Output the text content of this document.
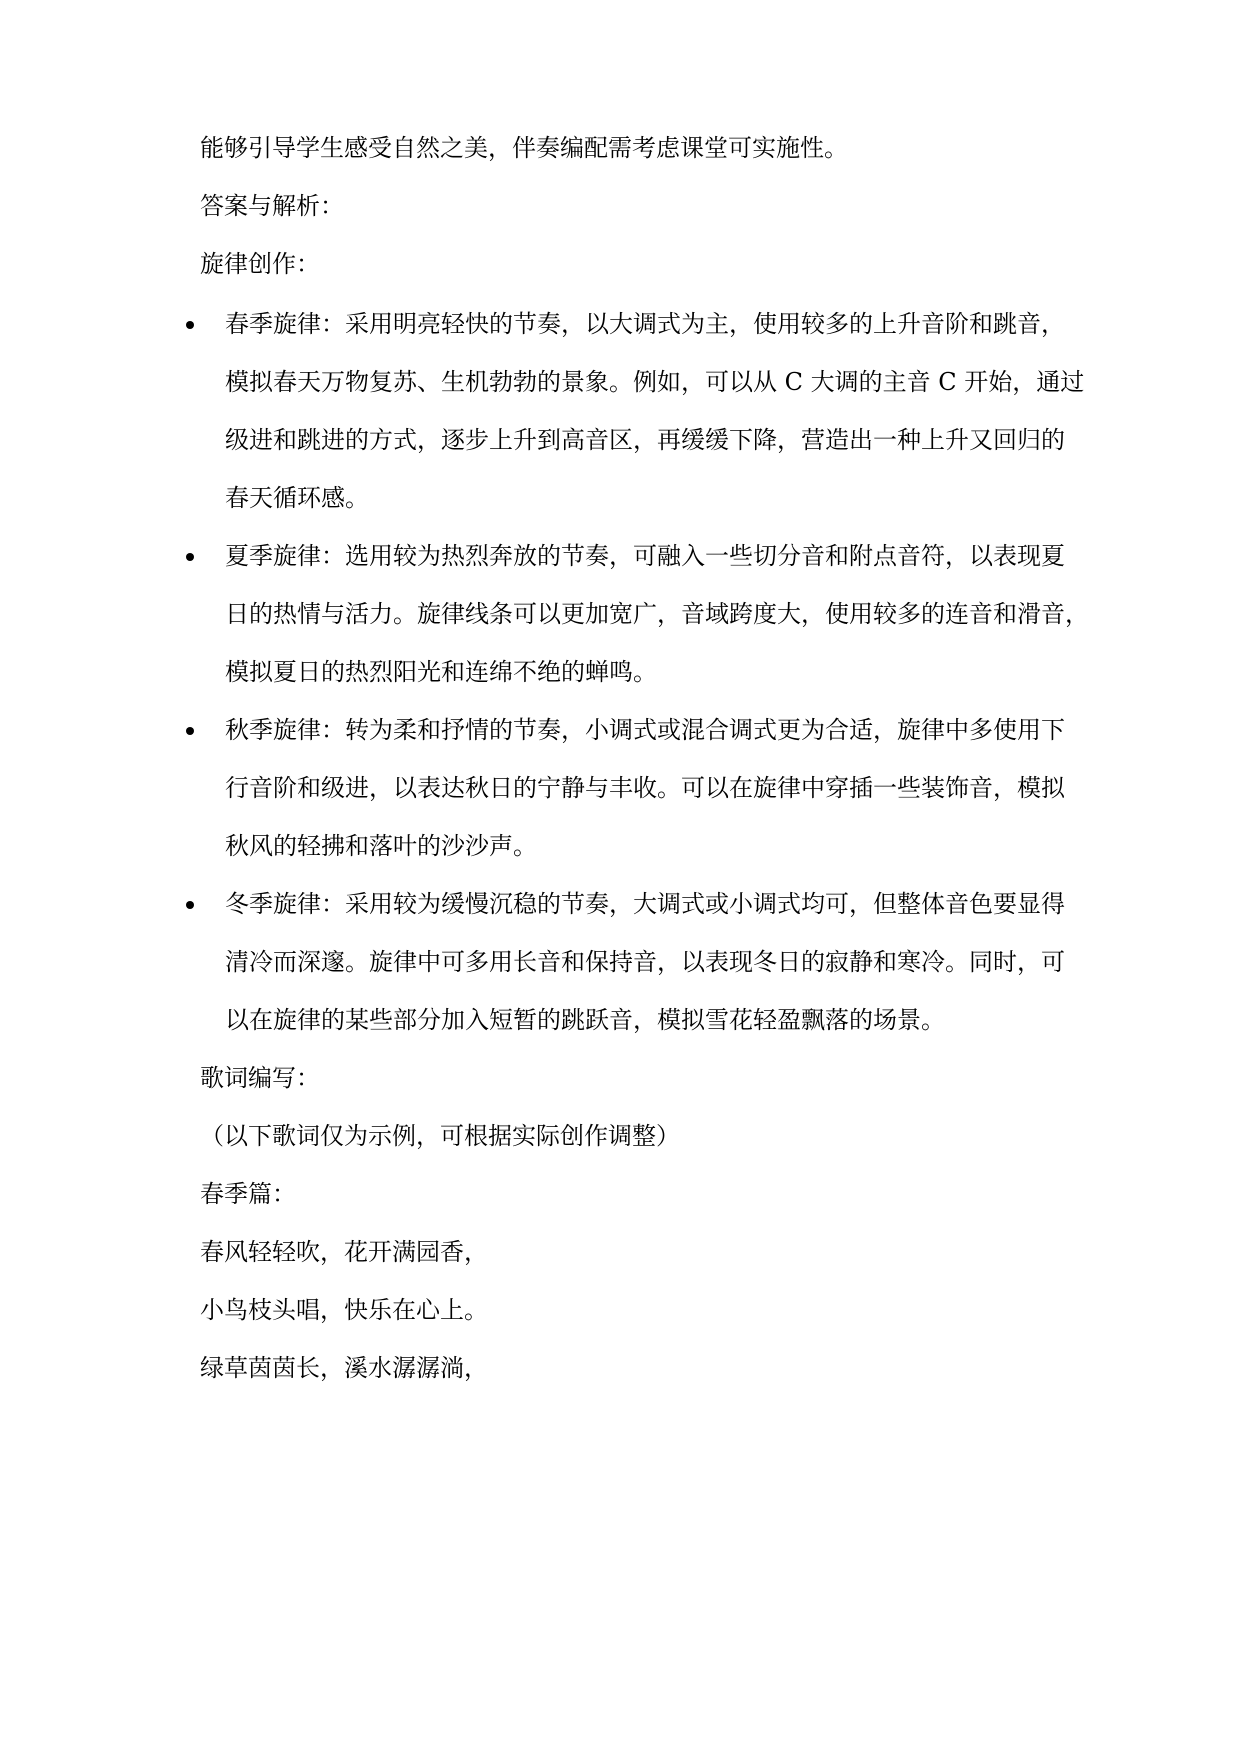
能够引导学生感受自然之美，伴奏编配需考虑课堂可实施性。
答案与解析：
旋律创作：
春季旋律：采用明亮轻快的节奏，以大调式为主，使用较多的上升音阶和跳音，
模拟春天万物复苏、生机勃勃的景象。例如，可以从 C 大调的主音 C 开始，通过
级进和跳进的方式，逐步上升到高音区，再缓缓下降，营造出一种上升又回归的
春天循环感。
夏季旋律：选用较为热烈奔放的节奏，可融入一些切分音和附点音符，以表现夏
日的热情与活力。旋律线条可以更加宽广，音域跨度大，使用较多的连音和滑音，
模拟夏日的热烈阳光和连绵不绝的蝉鸣。
秋季旋律：转为柔和抒情的节奏，小调式或混合调式更为合适，旋律中多使用下
行音阶和级进，以表达秋日的宁静与丰收。可以在旋律中穿插一些装饰音，模拟
秋风的轻拂和落叶的沙沙声。
冬季旋律：采用较为缓慢沉稳的节奏，大调式或小调式均可，但整体音色要显得
清冷而深邃。旋律中可多用长音和保持音，以表现冬日的寂静和寒冷。同时，可
以在旋律的某些部分加入短暂的跳跃音，模拟雪花轻盈飘落的场景。
歌词编写：
（以下歌词仅为示例，可根据实际创作调整）
春季篇：
春风轻轻吹，花开满园香，
小鸟枝头唱，快乐在心上。
绿草茵茵长，溪水潺潺淌，
